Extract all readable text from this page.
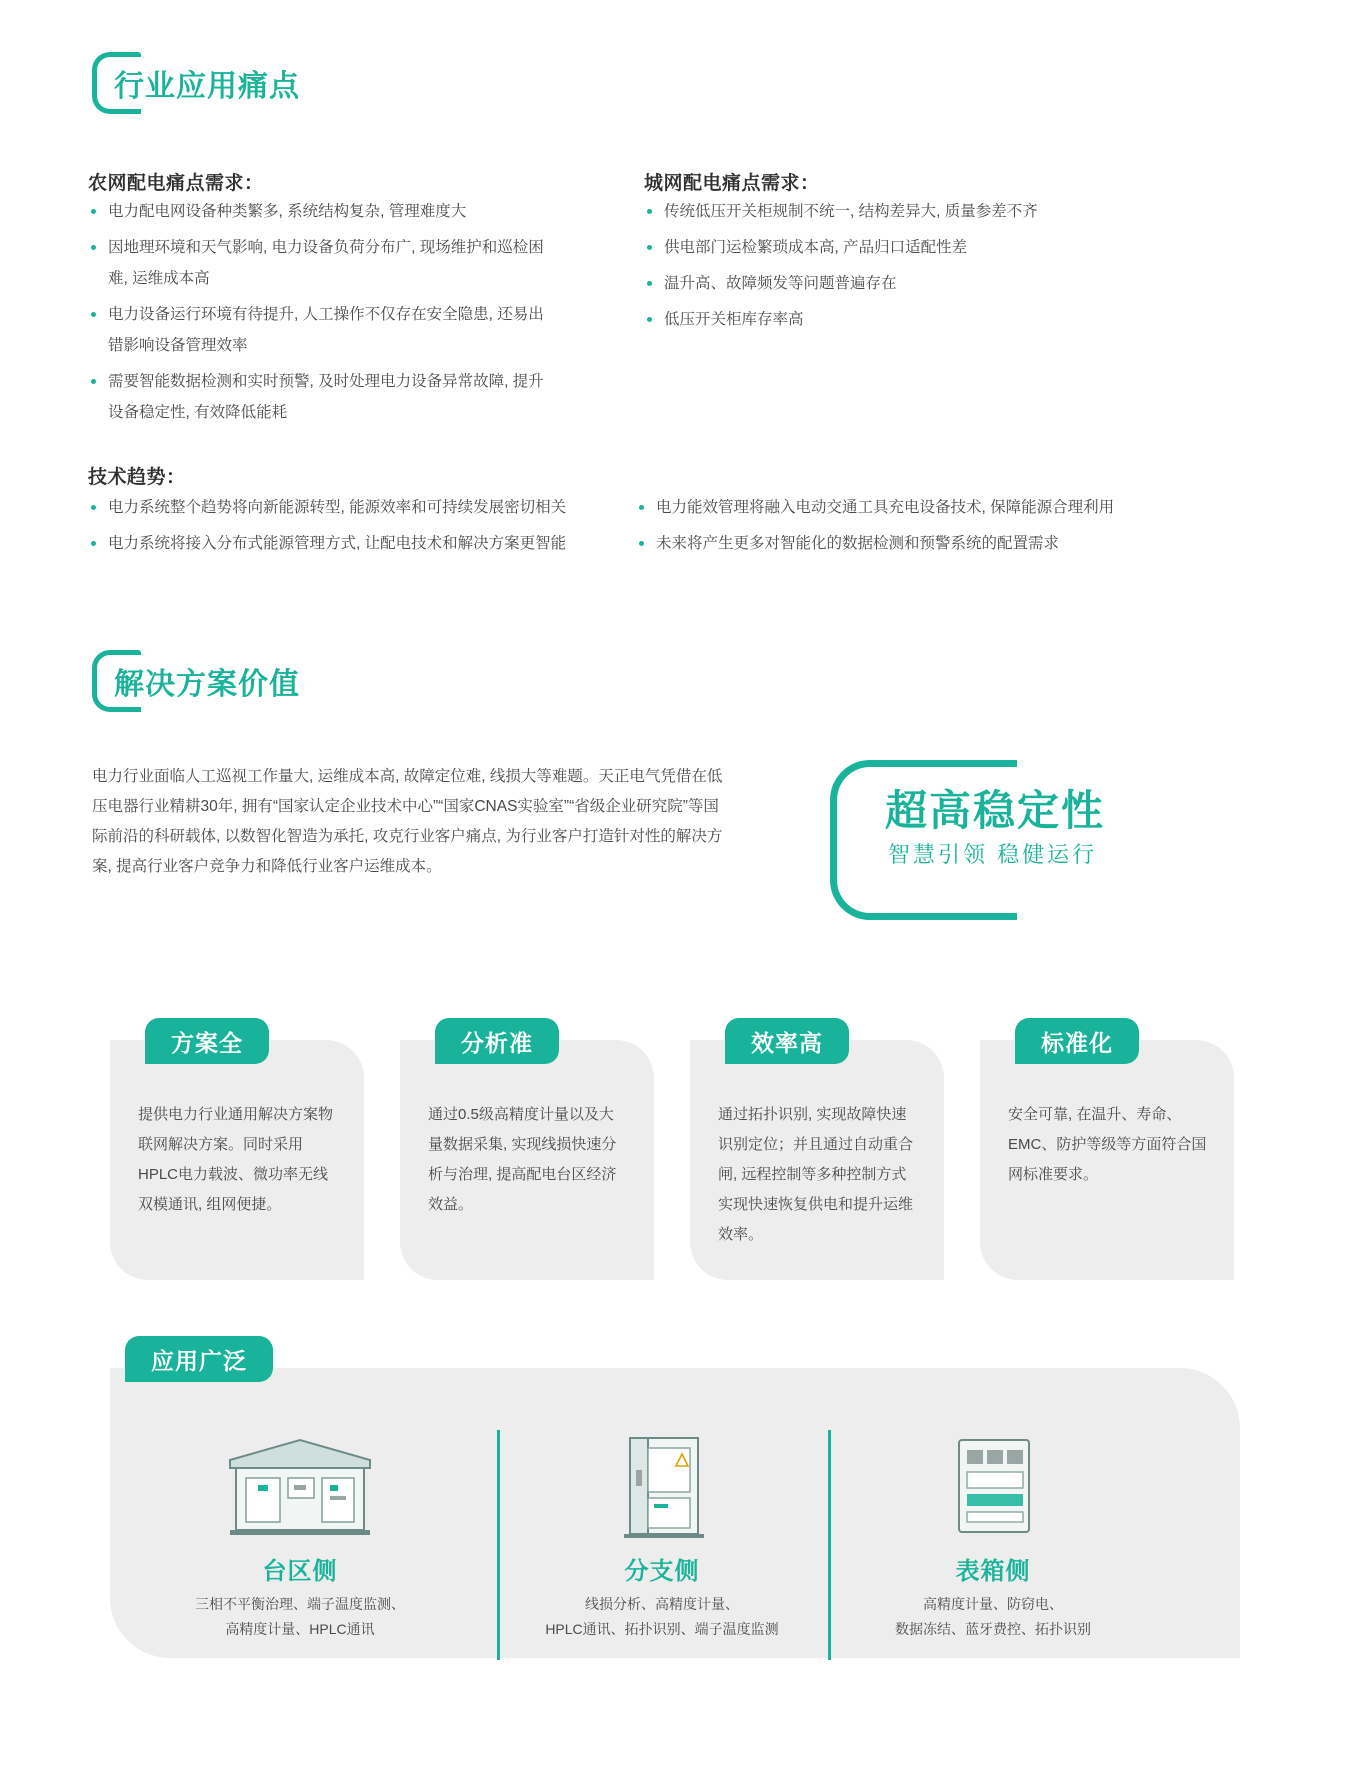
行业应用痛点
农网配电痛点需求：	城网配电痛点需求：
电力配电网设备种类繁多, 系统结构复杂, 管理难度大
因地理环境和天气影响, 电力设备负荷分布广, 现场维护和巡检困难, 运维成本高
电力设备运行环境有待提升, 人工操作不仅存在安全隐患, 还易出错影响设备管理效率
需要智能数据检测和实时预警, 及时处理电力设备异常故障, 提升设备稳定性, 有效降低能耗
传统低压开关柜规制不统一, 结构差异大, 质量参差不齐
供电部门运检繁琐成本高, 产品归口适配性差
温升高、故障频发等问题普遍存在
低压开关柜库存率高
技术趋势：
电力系统整个趋势将向新能源转型, 能源效率和可持续发展密切相关
电力系统将接入分布式能源管理方式, 让配电技术和解决方案更智能
电力能效管理将融入电动交通工具充电设备技术, 保障能源合理利用
未来将产生更多对智能化的数据检测和预警系统的配置需求
解决方案价值
电力行业面临人工巡视工作量大, 运维成本高, 故障定位难, 线损大等难题。天正电气凭借在低压电器行业精耕30年, 拥有“国家认定企业技术中心”“国家CNAS实验室”“省级企业研究院”等国际前沿的科研载体, 以数智化智造为承托, 攻克行业客户痛点, 为行业客户打造针对性的解决方案, 提高行业客户竞争力和降低行业客户运维成本。
超高稳定性
智慧引领 稳健运行
方案全
提供电力行业通用解决方案物联网解决方案。同时采用HPLC电力载波、微功率无线双模通讯, 组网便捷。
分析准
通过0.5级高精度计量以及大量数据采集, 实现线损快速分析与治理, 提高配电台区经济效益。
效率高
通过拓扑识别, 实现故障快速识别定位；并且通过自动重合闸, 远程控制等多种控制方式实现快速恢复供电和提升运维效率。
标准化
安全可靠, 在温升、寿命、EMC、防护等级等方面符合国网标准要求。
应用广泛
台区侧
三相不平衡治理、端子温度监测、
高精度计量、HPLC通讯
分支侧
线损分析、高精度计量、
HPLC通讯、拓扑识别、端子温度监测
表箱侧
高精度计量、防窃电、
数据冻结、蓝牙费控、拓扑识别
